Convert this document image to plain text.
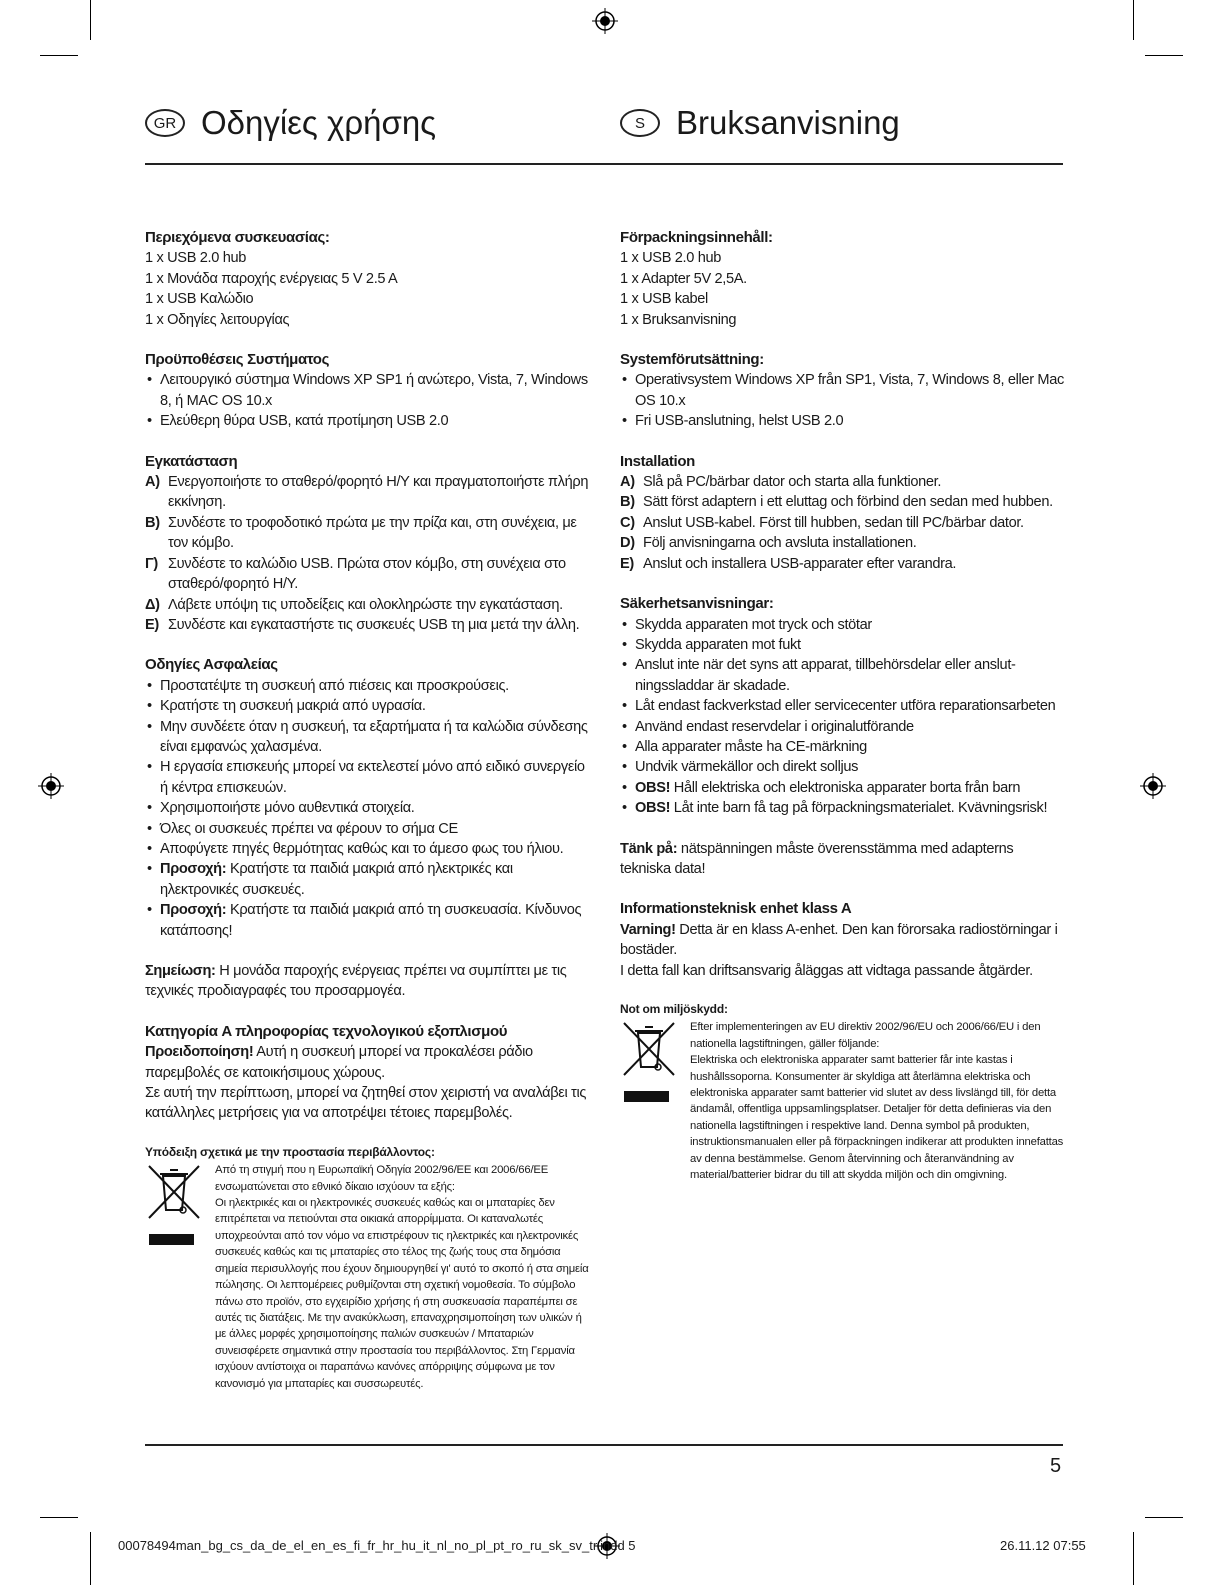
GR Οδηγίες χρήσης	S Bruksanvisning
Περιεχόμενα συσκευασίας:
1 x USB 2.0 hub
1 x Μονάδα παροχής ενέργειας 5 V 2.5 A
1 x USB Καλώδιο
1 x Οδηγίες λειτουργίας
Προϋποθέσεις Συστήματος
• Λειτουργικό σύστημα Windows XP SP1 ή ανώτερο, Vista, 7, Windows 8, ή MAC OS 10.x
• Ελεύθερη θύρα USB, κατά προτίμηση USB 2.0
Εγκατάσταση
A) Ενεργοποιήστε το σταθερό/φορητό Η/Υ και πραγματοποιήστε πλήρη εκκίνηση.
B) Συνδέστε το τροφοδοτικό πρώτα με την πρίζα και, στη συνέχεια, με τον κόμβο.
Γ) Συνδέστε το καλώδιο USB. Πρώτα στον κόμβο, στη συνέχεια στο σταθερό/φορητό Η/Υ.
Δ) Λάβετε υπόψη τις υποδείξεις και ολοκληρώστε την εγκατάσταση.
E) Συνδέστε και εγκαταστήστε τις συσκευές USB τη μια μετά την άλλη.
Οδηγίες Ασφαλείας
• Προστατέψτε τη συσκευή από πιέσεις και προσκρούσεις.
• Κρατήστε τη συσκευή μακριά από υγρασία.
• Μην συνδέετε όταν η συσκευή, τα εξαρτήματα ή τα καλώδια σύνδεσης είναι εμφανώς χαλασμένα.
• Η εργασία επισκευής μπορεί να εκτελεστεί μόνο από ειδικό συνεργείο ή κέντρα επισκευών.
• Χρησιμοποιήστε μόνο αυθεντικά στοιχεία.
• Όλες οι συσκευές πρέπει να φέρουν το σήμα CE
• Αποφύγετε πηγές θερμότητας καθώς και το άμεσο φως του ήλιου.
• Προσοχή: Κρατήστε τα παιδιά μακριά από ηλεκτρικές και ηλεκτρονικές συσκευές.
• Προσοχή: Κρατήστε τα παιδιά μακριά από τη συσκευασία. Κίνδυνος κατάποσης!
Σημείωση: Η μονάδα παροχής ενέργειας πρέπει να συμπίπτει με τις τεχνικές προδιαγραφές του προσαρμογέα.
Κατηγορία A πληροφορίας τεχνολογικού εξοπλισμού
Προειδοποίηση! Αυτή η συσκευή μπορεί να προκαλέσει ράδιο παρεμβολές σε κατοικήσιμους χώρους.
Σε αυτή την περίπτωση, μπορεί να ζητηθεί στον χειριστή να αναλάβει τις κατάλληλες μετρήσεις για να αποτρέψει τέτοιες παρεμβολές.
Υπόδειξη σχετικά με την προστασία περιβάλλοντος:
Από τη στιγμή που η Ευρωπαϊκή Οδηγία 2002/96/ΕΕ και 2006/66/EE ενσωματώνεται στο εθνικό δίκαιο ισχύουν τα εξής:
Οι ηλεκτρικές και οι ηλεκτρονικές συσκευές καθώς και οι μπαταρίες δεν επιτρέπεται να πετιούνται στα οικιακά απορρίμματα. Οι καταναλωτές υποχρεούνται από τον νόμο να επιστρέφουν τις ηλεκτρικές και ηλεκτρονικές συσκευές καθώς και τις μπαταρίες στο τέλος της ζωής τους στα δημόσια σημεία περισυλλογής που έχουν δημιουργηθεί γι' αυτό το σκοπό ή στα σημεία πώλησης. Οι λεπτομέρειες ρυθμίζονται στη σχετική νομοθεσία. Το σύμβολο πάνω στο προϊόν, στο εγχειρίδιο χρήσης ή στη συσκευασία παραπέμπει σε αυτές τις διατάξεις. Με την ανακύκλωση, επαναχρησιμοποίηση των υλικών ή με άλλες μορφές χρησιμοποίησης παλιών συσκευών / Μπαταριών συνεισφέρετε σημαντικά στην προστασία του περιβάλλοντος. Στη Γερμανία ισχύουν αντίστοιχα οι παραπάνω κανόνες απόρριψης σύμφωνα με τον κανονισμό για μπαταρίες και συσσωρευτές.
Förpackningsinnehåll:
1 x USB 2.0 hub
1 x Adapter 5V 2,5A.
1 x USB kabel
1 x Bruksanvisning
Systemförutsättning:
• Operativsystem Windows XP från SP1, Vista, 7, Windows 8, eller Mac OS 10.x
• Fri USB-anslutning, helst USB 2.0
Installation
A) Slå på PC/bärbar dator och starta alla funktioner.
B) Sätt först adaptern i ett eluttag och förbind den sedan med hubben.
C) Anslut USB-kabel. Först till hubben, sedan till PC/bärbar dator.
D) Följ anvisningarna och avsluta installationen.
E) Anslut och installera USB-apparater efter varandra.
Säkerhetsanvisningar:
• Skydda apparaten mot tryck och stötar
• Skydda apparaten mot fukt
• Anslut inte när det syns att apparat, tillbehörsdelar eller anslut-ningssladdar är skadade.
• Låt endast fackverkstad eller servicecenter utföra reparationsarbeten
• Använd endast reservdelar i originalutförande
• Alla apparater måste ha CE-märkning
• Undvik värmekällor och direkt solljus
• OBS! Håll elektriska och elektroniska apparater borta från barn
• OBS! Låt inte barn få tag på förpackningsmaterialet. Kvävningsrisk!
Tänk på: nätspänningen måste överensstämma med adapterns tekniska data!
Informationsteknisk enhet klass A
Varning! Detta är en klass A-enhet. Den kan förorsaka radiostörningar i bostäder.
I detta fall kan driftsansvarig åläggas att vidtaga passande åtgärder.
Not om miljöskydd:
Efter implementeringen av EU direktiv 2002/96/EU och 2006/66/EU i den nationella lagstiftningen, gäller följande:
Elektriska och elektroniska apparater samt batterier får inte kastas i hushållssoporna. Konsumenter är skyldiga att återlämna elektriska och elektroniska apparater samt batterier vid slutet av dess livslängd till, för detta ändamål, offentliga uppsamlingsplatser. Detaljer för detta definieras via den nationella lagstiftningen i respektive land. Denna symbol på produkten, instruktionsmanualen eller på förpackningen indikerar att produkten innefattas av denna bestämmelse. Genom återvinning och återanvändning av material/batterier bidrar du till att skydda miljön och din omgivning.
5
00078494man_bg_cs_da_de_el_en_es_fi_fr_hr_hu_it_nl_no_pl_pt_ro_ru_sk_sv_tr.indd 5	26.11.12 07:55
